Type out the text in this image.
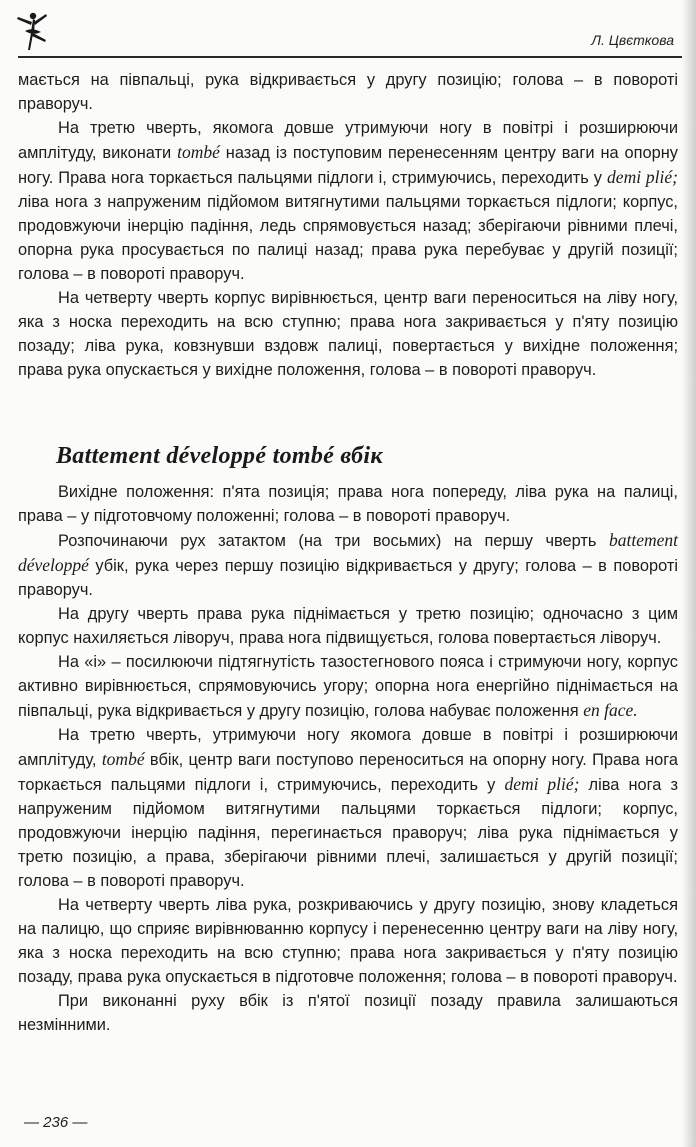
Л. Цвєткова

мається на півпальці, рука відкривається у другу позицію; голова – в повороті праворуч.

На третю чверть, якомога довше утримуючи ногу в повітрі і розширюючи амплітуду, виконати tombé назад із поступовим перенесенням центру ваги на опорну ногу. Права нога торкається пальцями підлоги і, стримуючись, переходить у demi plié; ліва нога з напруженим підйомом витягнутими пальцями торкається підлоги; корпус, продовжуючи інерцію падіння, ледь спрямовується назад; зберігаючи рівними плечі, опорна рука просувається по палиці назад; права рука перебуває у другій позиції; голова – в повороті праворуч.

На четверту чверть корпус вирівнюється, центр ваги переноситься на ліву ногу, яка з носка переходить на всю ступню; права нога закривається у п'яту позицію позаду; ліва рука, ковзнувши вздовж палиці, повертається у вихідне положення; права рука опускається у вихідне положення, голова – в повороті праворуч.

Battement développé tombé вбік

Вихідне положення: п'ята позиція; права нога попереду, ліва рука на палиці, права – у підготовчому положенні; голова – в повороті праворуч.

Розпочинаючи рух затактом (на три восьмих) на першу чверть battement développé убік, рука через першу позицію відкривається у другу; голова – в повороті праворуч.

На другу чверть права рука піднімається у третю позицію; одночасно з цим корпус нахиляється ліворуч, права нога підвищується, голова повертається ліворуч.

На «і» – посилюючи підтягнутість тазостегнового пояса і стримуючи ногу, корпус активно вирівнюється, спрямовуючись угору; опорна нога енергійно піднімається на півпальці, рука відкривається у другу позицію, голова набуває положення en face.

На третю чверть, утримуючи ногу якомога довше в повітрі і розширюючи амплітуду, tombé вбік, центр ваги поступово переноситься на опорну ногу. Права нога торкається пальцями підлоги і, стримуючись, переходить у demi plié; ліва нога з напруженим підйомом витягнутими пальцями торкається підлоги; корпус, продовжуючи інерцію падіння, перегинається праворуч; ліва рука піднімається у третю позицію, а права, зберігаючи рівними плечі, залишається у другій позиції; голова – в повороті праворуч.

На четверту чверть ліва рука, розкриваючись у другу позицію, знову кладеться на палицю, що сприяє вирівнюванню корпусу і перенесенню центру ваги на ліву ногу, яка з носка переходить на всю ступню; права нога закривається у п'яту позицію позаду, права рука опускається в підготовче положення; голова – в повороті праворуч.

При виконанні руху вбік із п'ятої позиції позаду правила залишаються незмінними.

— 236 —
